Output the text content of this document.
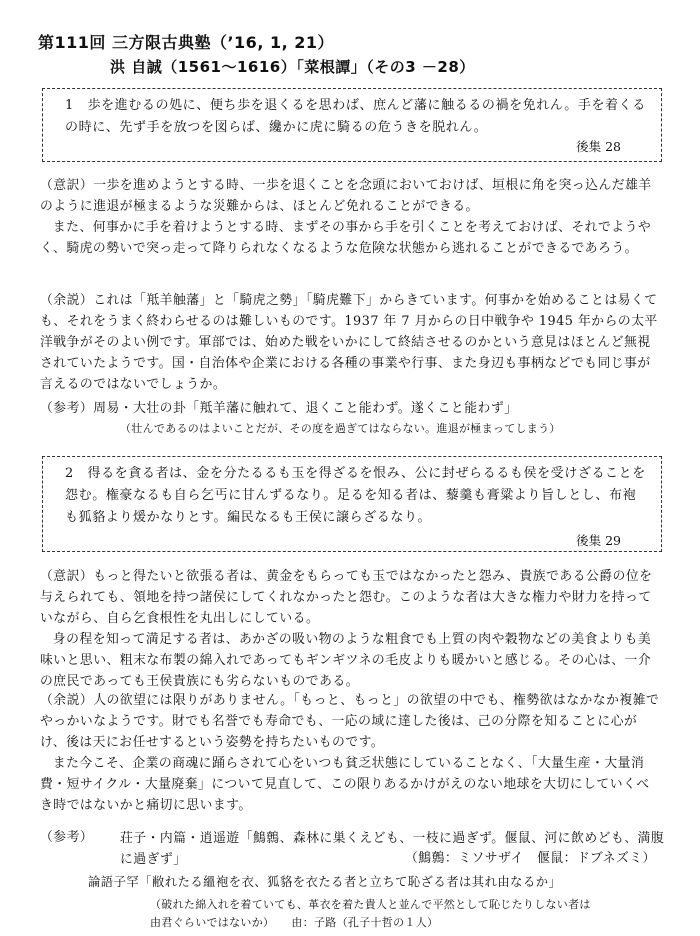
第111回 三方限古典塾（’16, 1, 21）
洪 自誠（1561～1616）「菜根譚」（その3 －28）
1　歩を進むるの処に、便ち歩を退くるを思わば、庶んど藩に触るるの禍を免れん。手を着くるの時に、先ず手を放つを図らば、纔かに虎に騎るの危うきを脱れん。
後集 28
（意訳）一歩を進めようとする時、一歩を退くことを念頭においておけば、垣根に角を突っ込んだ雄羊のように進退が極まるような災難からは、ほとんど免れることができる。
また、何事かに手を着けようとする時、まずその事から手を引くことを考えておけば、それでようやく、騎虎の勢いで突っ走って降りられなくなるような危険な状態から逃れることができるであろう。
（余説）これは「羝羊触藩」と「騎虎之勢」「騎虎難下」からきています。何事かを始めることは易くても、それをうまく終わらせるのは難しいものです。1937 年 7 月からの日中戦争や 1945 年からの太平洋戦争がそのよい例です。軍部では、始めた戦をいかにして終結させるのかという意見はほとんど無視されていたようです。国・自治体や企業における各種の事業や行事、また身辺も事柄などでも同じ事が言えるのではないでしょうか。
（参考）周易・大壮の卦「羝羊藩に触れて、退くこと能わず。遂くこと能わず」
（壮んであるのはよいことだが、その度を過ぎてはならない。進退が極まってしまう）
2　得るを貪る者は、金を分たるるも玉を得ざるを恨み、公に封ぜらるるも侯を受けざることを怨む。権豪なるも自ら乞丐に甘んずるなり。足るを知る者は、藜羹も膏粱より旨しとし、布袍も狐貉より煖かなりとす。編民なるも王侯に譲らざるなり。
後集 29
（意訳）もっと得たいと欲張る者は、黄金をもらっても玉ではなかったと怨み、貴族である公爵の位を与えられても、領地を持つ諸侯にしてくれなかったと怨む。このような者は大きな権力や財力を持っていながら、自ら乞食根性を丸出しにしている。
身の程を知って満足する者は、あかざの吸い物のような粗食でも上質の肉や穀物などの美食よりも美味いと思い、粗末な布製の綿入れであってもギンギツネの毛皮よりも暖かいと感じる。その心は、一介の庶民であっても王侯貴族にも劣らないものである。
（余説）人の欲望には限りがありません。「もっと、もっと」の欲望の中でも、権勢欲はなかなか複雑でやっかいなようです。財でも名誉でも寿命でも、一応の域に達した後は、己の分際を知ることに心がけ、後は天にお任せするという姿勢を持ちたいものです。
また今こそ、企業の商魂に踊らされて心をいつも貧乏状態にしていることなく、「大量生産・大量消費・短サイクル・大量廃棄」について見直して、この限りあるかけがえのない地球を大切にしていくべき時ではないかと痛切に思います。
（参考） 荘子・内篇・逍遥遊「鷦鷯、森林に巣くえども、一枝に過ぎず。偃鼠、河に飲めども、満腹に過ぎず」	（鷦鷯：ミソサザイ　偃鼠：ドブネズミ）
論語子罕「敝れたる縕袍を衣、狐貉を衣たる者と立ちて恥ざる者は其れ由なるか」
（破れた綿入れを着ていても、革衣を着た貴人と並んで平然として恥じたりしない者は
由君ぐらいではないか）　　由：子路（孔子十哲の１人）
